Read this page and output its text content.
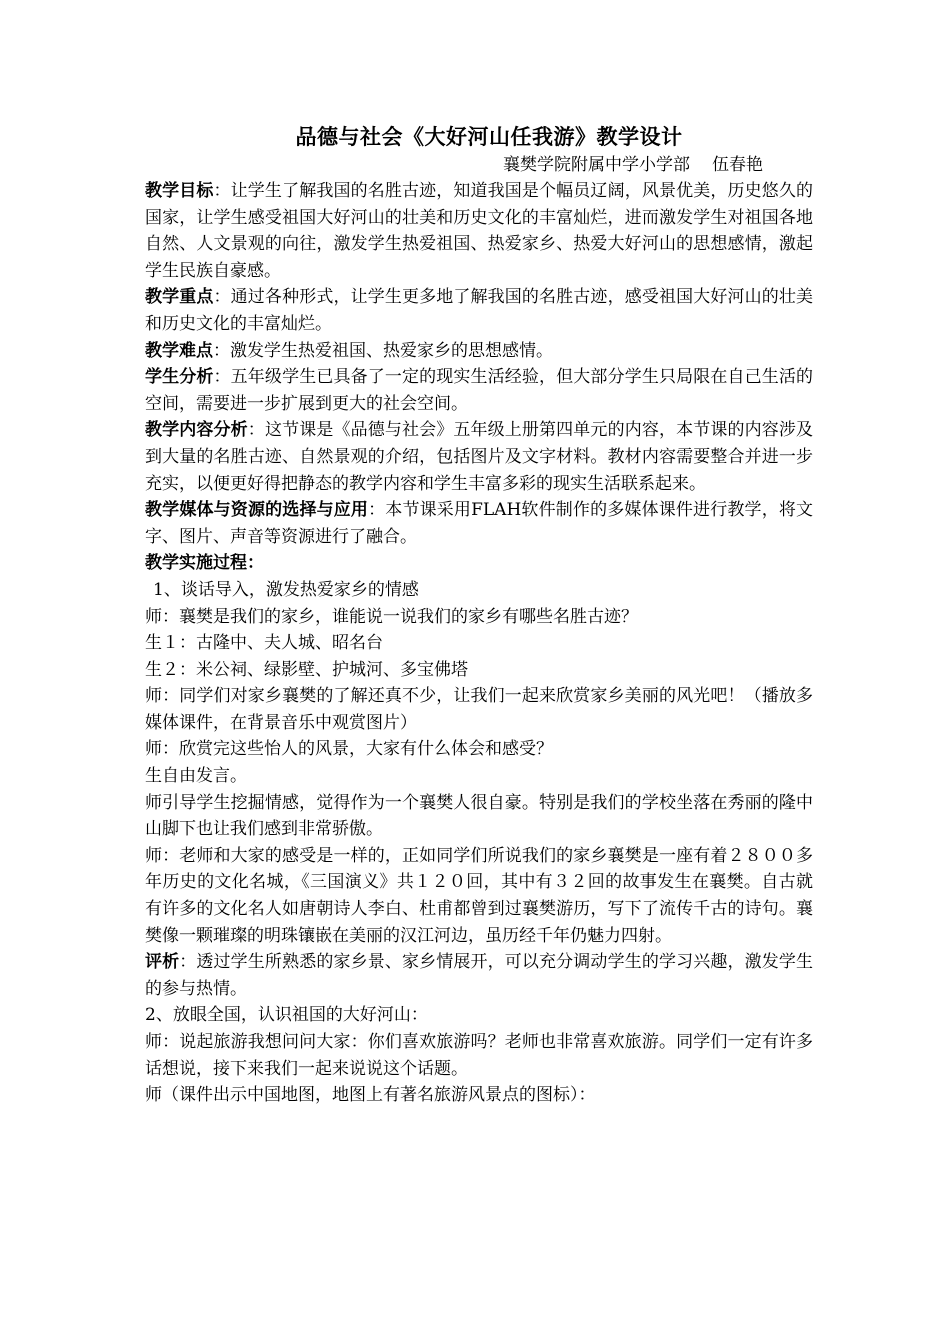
品德与社会《大好河山任我游》教学设计

襄樊学院附属中学小学部 伍春艳

教学目标：让学生了解我国的名胜古迹，知道我国是个幅员辽阔，风景优美，历史悠久的国家，让学生感受祖国大好河山的壮美和历史文化的丰富灿烂，进而激发学生对祖国各地自然、人文景观的向往，激发学生热爱祖国、热爱家乡、热爱大好河山的思想感情，激起学生民族自豪感。

教学重点：通过各种形式，让学生更多地了解我国的名胜古迹，感受祖国大好河山的壮美和历史文化的丰富灿烂。

教学难点：激发学生热爱祖国、热爱家乡的思想感情。

学生分析：五年级学生已具备了一定的现实生活经验，但大部分学生只局限在自己生活的空间，需要进一步扩展到更大的社会空间。

教学内容分析：这节课是《品德与社会》五年级上册第四单元的内容，本节课的内容涉及到大量的名胜古迹、自然景观的介绍，包括图片及文字材料。教材内容需要整合并进一步充实，以便更好得把静态的教学内容和学生丰富多彩的现实生活联系起来。

教学媒体与资源的选择与应用：本节课采用FLAH软件制作的多媒体课件进行教学，将文字、图片、声音等资源进行了融合。

教学实施过程：

1、谈话导入，激发热爱家乡的情感

师：襄樊是我们的家乡，谁能说一说我们的家乡有哪些名胜古迹？

生１：古隆中、夫人城、昭名台

生２：米公祠、绿影壁、护城河、多宝佛塔

师：同学们对家乡襄樊的了解还真不少，让我们一起来欣赏家乡美丽的风光吧！（播放多媒体课件，在背景音乐中观赏图片）

师：欣赏完这些怡人的风景，大家有什么体会和感受？

生自由发言。

师引导学生挖掘情感，觉得作为一个襄樊人很自豪。特别是我们的学校坐落在秀丽的隆中山脚下也让我们感到非常骄傲。

师：老师和大家的感受是一样的，正如同学们所说我们的家乡襄樊是一座有着２８００多年历史的文化名城，《三国演义》共１２０回，其中有３２回的故事发生在襄樊。自古就有许多的文化名人如唐朝诗人李白、杜甫都曾到过襄樊游历，写下了流传千古的诗句。襄樊像一颗璀璨的明珠镶嵌在美丽的汉江河边，虽历经千年仍魅力四射。

评析：透过学生所熟悉的家乡景、家乡情展开，可以充分调动学生的学习兴趣，激发学生的参与热情。

2、放眼全国，认识祖国的大好河山：

师：说起旅游我想问问大家：你们喜欢旅游吗？老师也非常喜欢旅游。同学们一定有许多话想说，接下来我们一起来说说这个话题。

师（课件出示中国地图，地图上有著名旅游风景点的图标）：
